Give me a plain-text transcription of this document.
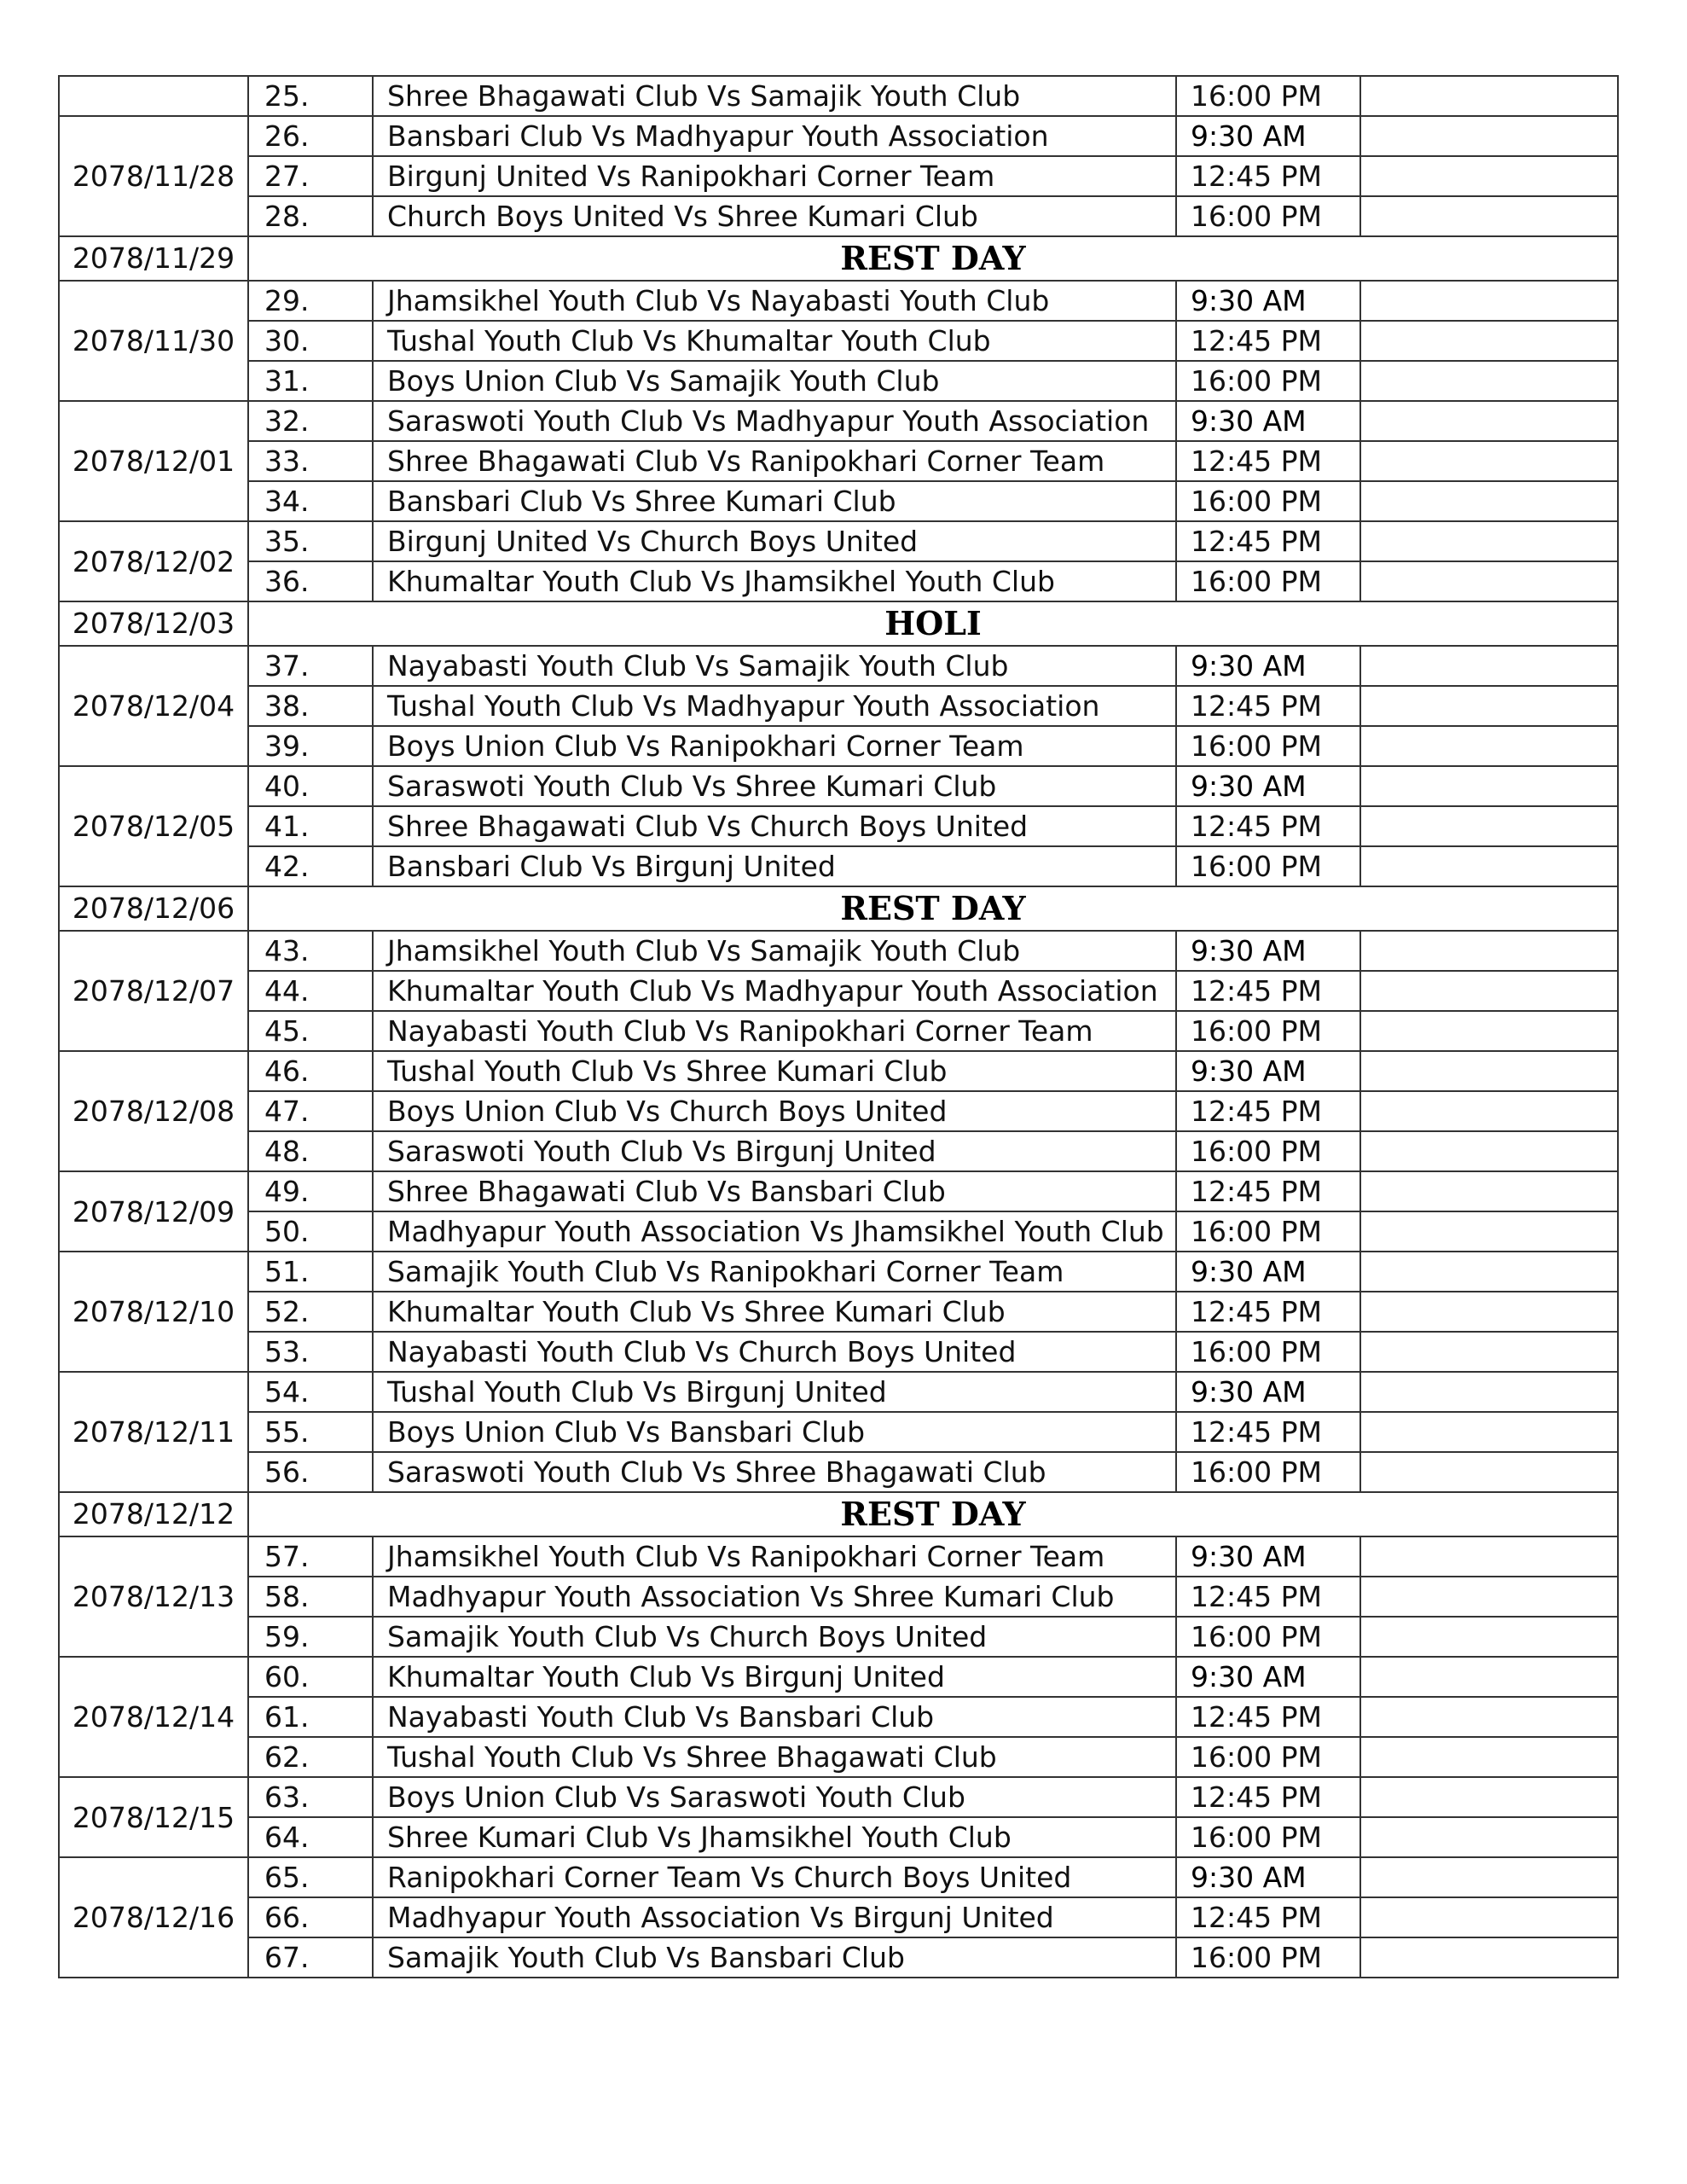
	25.	Shree Bhagawati Club Vs Samajik Youth Club	16:00 PM	
2078/11/28	26.	Bansbari Club Vs Madhyapur Youth Association	9:30 AM	
	27.	Birgunj United Vs Ranipokhari Corner Team	12:45 PM	
	28.	Church Boys United Vs Shree Kumari Club	16:00 PM	
2078/11/29	REST DAY			
2078/11/30	29.	Jhamsikhel Youth Club Vs Nayabasti Youth Club	9:30 AM	
	30.	Tushal Youth Club Vs Khumaltar Youth Club	12:45 PM	
	31.	Boys Union Club Vs Samajik Youth Club	16:00 PM	
2078/12/01	32.	Saraswoti Youth Club Vs Madhyapur Youth Association	9:30 AM	
	33.	Shree Bhagawati Club Vs Ranipokhari Corner Team	12:45 PM	
	34.	Bansbari Club Vs Shree Kumari Club	16:00 PM	
2078/12/02	35.	Birgunj United Vs Church Boys United	12:45 PM	
	36.	Khumaltar Youth Club Vs Jhamsikhel Youth Club	16:00 PM	
2078/12/03	HOLI			
2078/12/04	37.	Nayabasti Youth Club Vs Samajik Youth Club	9:30 AM	
	38.	Tushal Youth Club Vs Madhyapur Youth Association	12:45 PM	
	39.	Boys Union Club Vs Ranipokhari Corner Team	16:00 PM	
2078/12/05	40.	Saraswoti Youth Club Vs Shree Kumari Club	9:30 AM	
	41.	Shree Bhagawati Club Vs Church Boys United	12:45 PM	
	42.	Bansbari Club Vs Birgunj United	16:00 PM	
2078/12/06	REST DAY			
2078/12/07	43.	Jhamsikhel Youth Club Vs Samajik Youth Club	9:30 AM	
	44.	Khumaltar Youth Club Vs Madhyapur Youth Association	12:45 PM	
	45.	Nayabasti Youth Club Vs Ranipokhari Corner Team	16:00 PM	
2078/12/08	46.	Tushal Youth Club Vs Shree Kumari Club	9:30 AM	
	47.	Boys Union Club Vs Church Boys United	12:45 PM	
	48.	Saraswoti Youth Club Vs Birgunj United	16:00 PM	
2078/12/09	49.	Shree Bhagawati Club Vs Bansbari Club	12:45 PM	
	50.	Madhyapur Youth Association Vs Jhamsikhel Youth Club	16:00 PM	
2078/12/10	51.	Samajik Youth Club Vs Ranipokhari Corner Team	9:30 AM	
	52.	Khumaltar Youth Club Vs Shree Kumari Club	12:45 PM	
	53.	Nayabasti Youth Club Vs Church Boys United	16:00 PM	
2078/12/11	54.	Tushal Youth Club Vs Birgunj United	9:30 AM	
	55.	Boys Union Club Vs Bansbari Club	12:45 PM	
	56.	Saraswoti Youth Club Vs Shree Bhagawati Club	16:00 PM	
2078/12/12	REST DAY			
2078/12/13	57.	Jhamsikhel Youth Club Vs Ranipokhari Corner Team	9:30 AM	
	58.	Madhyapur Youth Association Vs Shree Kumari Club	12:45 PM	
	59.	Samajik Youth Club Vs Church Boys United	16:00 PM	
2078/12/14	60.	Khumaltar Youth Club Vs Birgunj United	9:30 AM	
	61.	Nayabasti Youth Club Vs Bansbari Club	12:45 PM	
	62.	Tushal Youth Club Vs Shree Bhagawati Club	16:00 PM	
2078/12/15	63.	Boys Union Club Vs Saraswoti Youth Club	12:45 PM	
	64.	Shree Kumari Club Vs Jhamsikhel Youth Club	16:00 PM	
2078/12/16	65.	Ranipokhari Corner Team Vs Church Boys United	9:30 AM	
	66.	Madhyapur Youth Association Vs Birgunj United	12:45 PM	
	67.	Samajik Youth Club Vs Bansbari Club	16:00 PM	
